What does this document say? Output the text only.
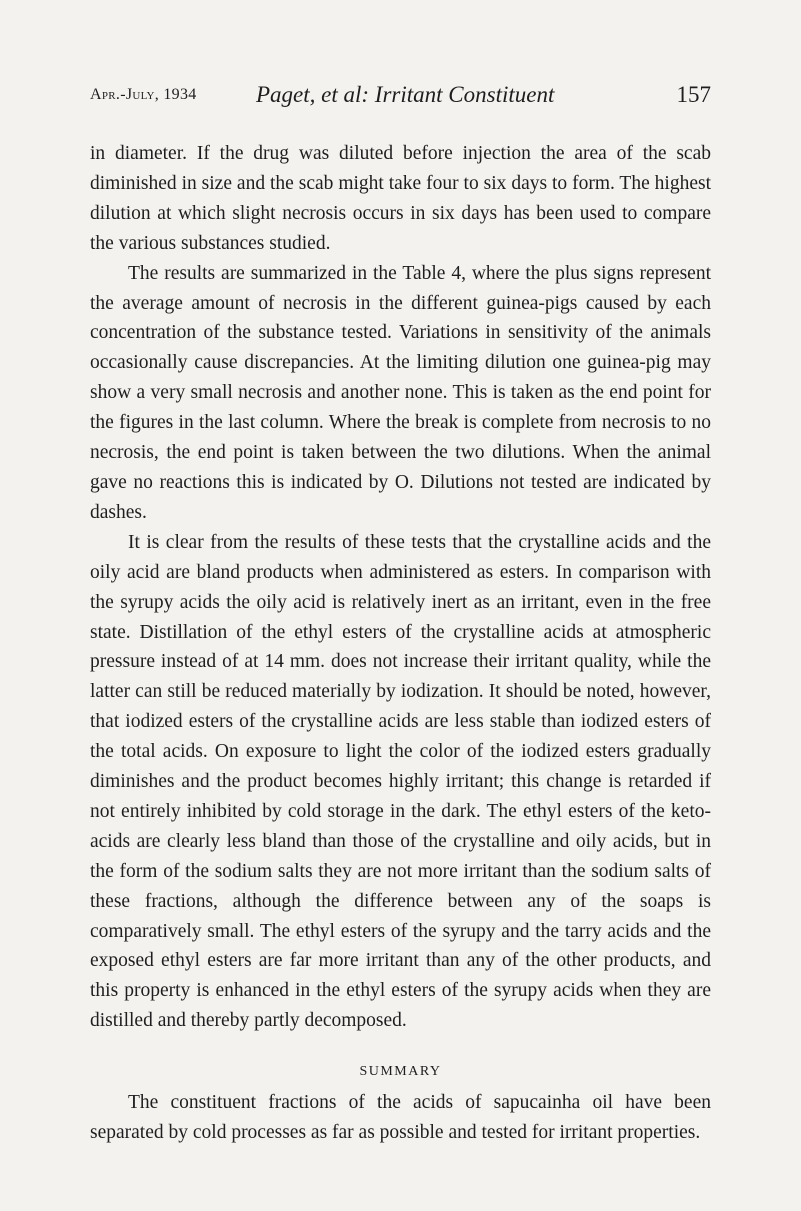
Apr.-July, 1934	Paget, et al: Irritant Constituent	157

in diameter. If the drug was diluted before injection the area of the scab diminished in size and the scab might take four to six days to form. The highest dilution at which slight necrosis occurs in six days has been used to compare the various substances studied.

The results are summarized in the Table 4, where the plus signs represent the average amount of necrosis in the different guinea-pigs caused by each concentration of the substance tested. Variations in sensitivity of the animals occasionally cause discrepancies. At the limiting dilution one guinea-pig may show a very small necrosis and another none. This is taken as the end point for the figures in the last column. Where the break is complete from necrosis to no necrosis, the end point is taken between the two dilutions. When the animal gave no reactions this is indicated by O. Dilutions not tested are indicated by dashes.

It is clear from the results of these tests that the crystalline acids and the oily acid are bland products when administered as esters. In comparison with the syrupy acids the oily acid is relatively inert as an irritant, even in the free state. Distillation of the ethyl esters of the crystalline acids at atmospheric pressure instead of at 14 mm. does not increase their irritant quality, while the latter can still be reduced materially by iodization. It should be noted, however, that iodized esters of the crystalline acids are less stable than iodized esters of the total acids. On exposure to light the color of the iodized esters gradually diminishes and the product becomes highly irritant; this change is retarded if not entirely inhibited by cold storage in the dark. The ethyl esters of the keto-acids are clearly less bland than those of the crystalline and oily acids, but in the form of the sodium salts they are not more irritant than the sodium salts of these fractions, although the difference between any of the soaps is comparatively small. The ethyl esters of the syrupy and the tarry acids and the exposed ethyl esters are far more irritant than any of the other products, and this property is enhanced in the ethyl esters of the syrupy acids when they are distilled and thereby partly decomposed.

SUMMARY

The constituent fractions of the acids of sapucainha oil have been separated by cold processes as far as possible and tested for irritant properties.
